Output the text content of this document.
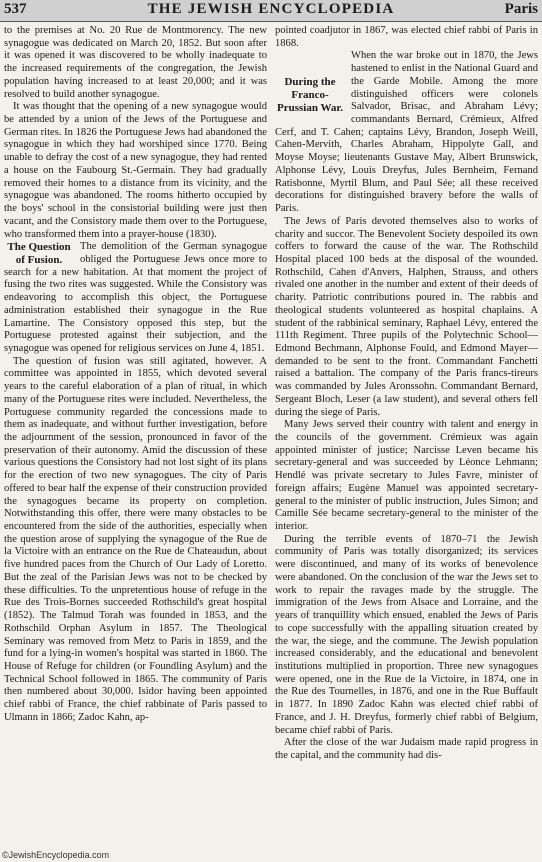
537	THE JEWISH ENCYCLOPEDIA	Paris

to the premises at No. 20 Rue de Montmorency. The new synagogue was dedicated on March 20, 1852. But soon after it was opened it was discovered to be wholly inadequate to the increased requirements of the congregation, the Jewish population having increased to at least 20,000; and it was resolved to build another synagogue.

It was thought that the opening of a new synagogue would be attended by a union of the Jews of the Portuguese and German rites. In 1826 the Portuguese Jews had abandoned the synagogue in which they had worshiped since 1770. Being unable to defray the cost of a new synagogue, they had rented a house on the Faubourg St.-Germain. They had gradually removed their homes to a distance from its vicinity, and the synagogue was abandoned. The rooms hitherto occupied by the boys' school in the consistorial building were just then vacant, and the Consistory made them over to the Portuguese, who transformed them into a prayer-house (1830).

The Question of Fusion.

The demolition of the German synagogue obliged the Portuguese Jews once more to search for a new habitation. At that moment the project of fusing the two rites was suggested. While the Consistory was endeavoring to accomplish this object, the Portuguese administration established their synagogue in the Rue Lamartine. The Consistory opposed this step, but the Portuguese protested against their subjection, and the synagogue was opened for religious services on June 4, 1851.

The question of fusion was still agitated, however. A committee was appointed in 1855, which devoted several years to the careful elaboration of a plan of ritual, in which many of the Portuguese rites were included. Nevertheless, the Portuguese community regarded the concessions made to them as inadequate, and without further investigation, before the adjournment of the session, pronounced in favor of the preservation of their autonomy. Amid the discussion of these various questions the Consistory had not lost sight of its plans for the erection of two new synagogues. The city of Paris offered to bear half the expense of their construction provided the synagogues became its property on completion. Notwithstanding this offer, there were many obstacles to be encountered from the side of the authorities, especially when the question arose of supplying the synagogue of the Rue de la Victoire with an entrance on the Rue de Chateaudun, about five hundred paces from the Church of Our Lady of Loretto. But the zeal of the Parisian Jews was not to be checked by these difficulties. To the unpretentious house of refuge in the Rue des Trois-Bornes succeeded Rothschild's great hospital (1852). The Talmud Torah was founded in 1853, and the Rothschild Orphan Asylum in 1857. The Theological Seminary was removed from Metz to Paris in 1859, and the fund for a lying-in women's hospital was started in 1860. The House of Refuge for children (or Foundling Asylum) and the Technical School followed in 1865. The community of Paris then numbered about 30,000. Isidor having been appointed chief rabbi of France, the chief rabbinate of Paris passed to Ulmann in 1866; Zadoc Kahn, ap-

pointed coadjutor in 1867, was elected chief rabbi of Paris in 1868.

During the Franco-Prussian War.

When the war broke out in 1870, the Jews hastened to enlist in the National Guard and the Garde Mobile. Among the more distinguished officers were colonels Salvador, Brisac, and Abraham Lévy; commandants Bernard, Crémieux, Alfred Cerf, and T. Cahen; captains Lévy, Brandon, Joseph Weill, Cahen-Mervith, Charles Abraham, Hippolyte Gall, and Moyse Moyse; lieutenants Gustave May, Albert Brunswick, Alphonse Lévy, Louis Dreyfus, Jules Bernheim, Fernand Ratisbonne, Myrtil Blum, and Paul Sée; all these received decorations for distinguished bravery before the walls of Paris.

The Jews of Paris devoted themselves also to works of charity and succor. The Benevolent Society despoiled its own coffers to forward the cause of the war. The Rothschild Hospital placed 100 beds at the disposal of the wounded. Rothschild, Cahen d'Anvers, Halphen, Strauss, and others rivaled one another in the number and extent of their deeds of charity. Patriotic contributions poured in. The rabbis and theological students volunteered as hospital chaplains. A student of the rabbinical seminary, Raphael Lévy, entered the 111th Regiment. Three pupils of the Polytechnic School—Edmond Bechmann, Alphonse Fould, and Edmond Mayer—demanded to be sent to the front. Commandant Fanchetti raised a battalion. The company of the Paris francs-tireurs was commanded by Jules Aronssohn. Commandant Bernard, Sergeant Bloch, Leser (a law student), and several others fell during the siege of Paris.

Many Jews served their country with talent and energy in the councils of the government. Crémieux was again appointed minister of justice; Narcisse Leven became his secretary-general and was succeeded by Léonce Lehmann; Hendlé was private secretary to Jules Favre, minister of foreign affairs; Eugène Manuel was appointed secretary-general to the minister of public instruction, Jules Simon; and Camille Sée became secretary-general to the minister of the interior.

During the terrible events of 1870–71 the Jewish community of Paris was totally disorganized; its services were discontinued, and many of its works of benevolence were abandoned. On the conclusion of the war the Jews set to work to repair the ravages made by the struggle. The immigration of the Jews from Alsace and Lorraine, and the years of tranquillity which ensued, enabled the Jews of Paris to cope successfully with the appalling situation created by the war, the siege, and the commune. The Jewish population increased considerably, and the educational and benevolent institutions multiplied in proportion. Three new synagogues were opened, one in the Rue de la Victoire, in 1874, one in the Rue des Tournelles, in 1876, and one in the Rue Buffault in 1877. In 1890 Zadoc Kahn was elected chief rabbi of France, and J. H. Dreyfus, formerly chief rabbi of Belgium, became chief rabbi of Paris.

After the close of the war Judaism made rapid progress in the capital, and the community had dis-

©JewishEncyclopedia.com
